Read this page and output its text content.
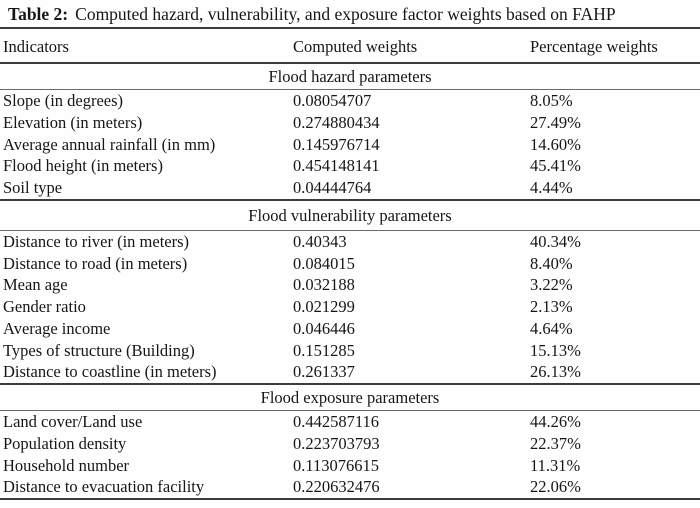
Table 2: Computed hazard, vulnerability, and exposure factor weights based on FAHP

Indicators	Computed weights	Percentage weights
Flood hazard parameters
Slope (in degrees)	0.08054707	8.05%
Elevation (in meters)	0.274880434	27.49%
Average annual rainfall (in mm)	0.145976714	14.60%
Flood height (in meters)	0.454148141	45.41%
Soil type	0.04444764	4.44%
Flood vulnerability parameters
Distance to river (in meters)	0.40343	40.34%
Distance to road (in meters)	0.084015	8.40%
Mean age	0.032188	3.22%
Gender ratio	0.021299	2.13%
Average income	0.046446	4.64%
Types of structure (Building)	0.151285	15.13%
Distance to coastline (in meters)	0.261337	26.13%
Flood exposure parameters
Land cover/Land use	0.442587116	44.26%
Population density	0.223703793	22.37%
Household number	0.113076615	11.31%
Distance to evacuation facility	0.220632476	22.06%
